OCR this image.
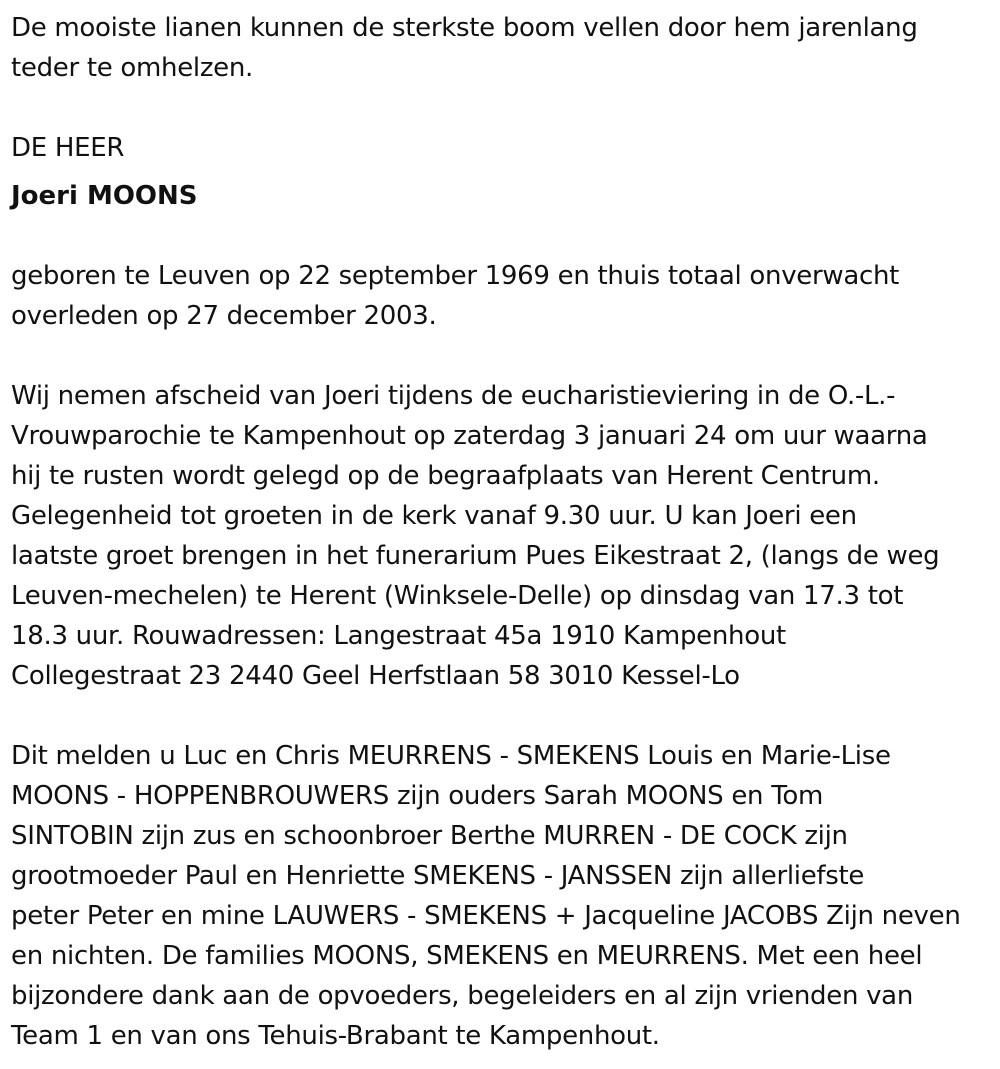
De mooiste lianen kunnen de sterkste boom vellen door hem jarenlang
teder te omhelzen.
DE HEER
Joeri MOONS
geboren te Leuven op 22 september 1969 en thuis totaal onverwacht
overleden op 27 december 2003.
Wij nemen afscheid van Joeri tijdens de eucharistieviering in de O.-L.-
Vrouwparochie te Kampenhout op zaterdag 3 januari 24 om uur waarna
hij te rusten wordt gelegd op de begraafplaats van Herent Centrum.
Gelegenheid tot groeten in de kerk vanaf 9.30 uur. U kan Joeri een
laatste groet brengen in het funerarium Pues Eikestraat 2, (langs de weg
Leuven-mechelen) te Herent (Winksele-Delle) op dinsdag van 17.3 tot
18.3 uur. Rouwadressen: Langestraat 45a 1910 Kampenhout
Collegestraat 23 2440 Geel Herfstlaan 58 3010 Kessel-Lo
Dit melden u Luc en Chris MEURRENS - SMEKENS Louis en Marie-Lise
MOONS - HOPPENBROUWERS zijn ouders Sarah MOONS en Tom
SINTOBIN zijn zus en schoonbroer Berthe MURREN - DE COCK zijn
grootmoeder Paul en Henriette SMEKENS - JANSSEN zijn allerliefste
peter Peter en mine LAUWERS - SMEKENS + Jacqueline JACOBS Zijn neven
en nichten. De families MOONS, SMEKENS en MEURRENS. Met een heel
bijzondere dank aan de opvoeders, begeleiders en al zijn vrienden van
Team 1 en van ons Tehuis-Brabant te Kampenhout.
